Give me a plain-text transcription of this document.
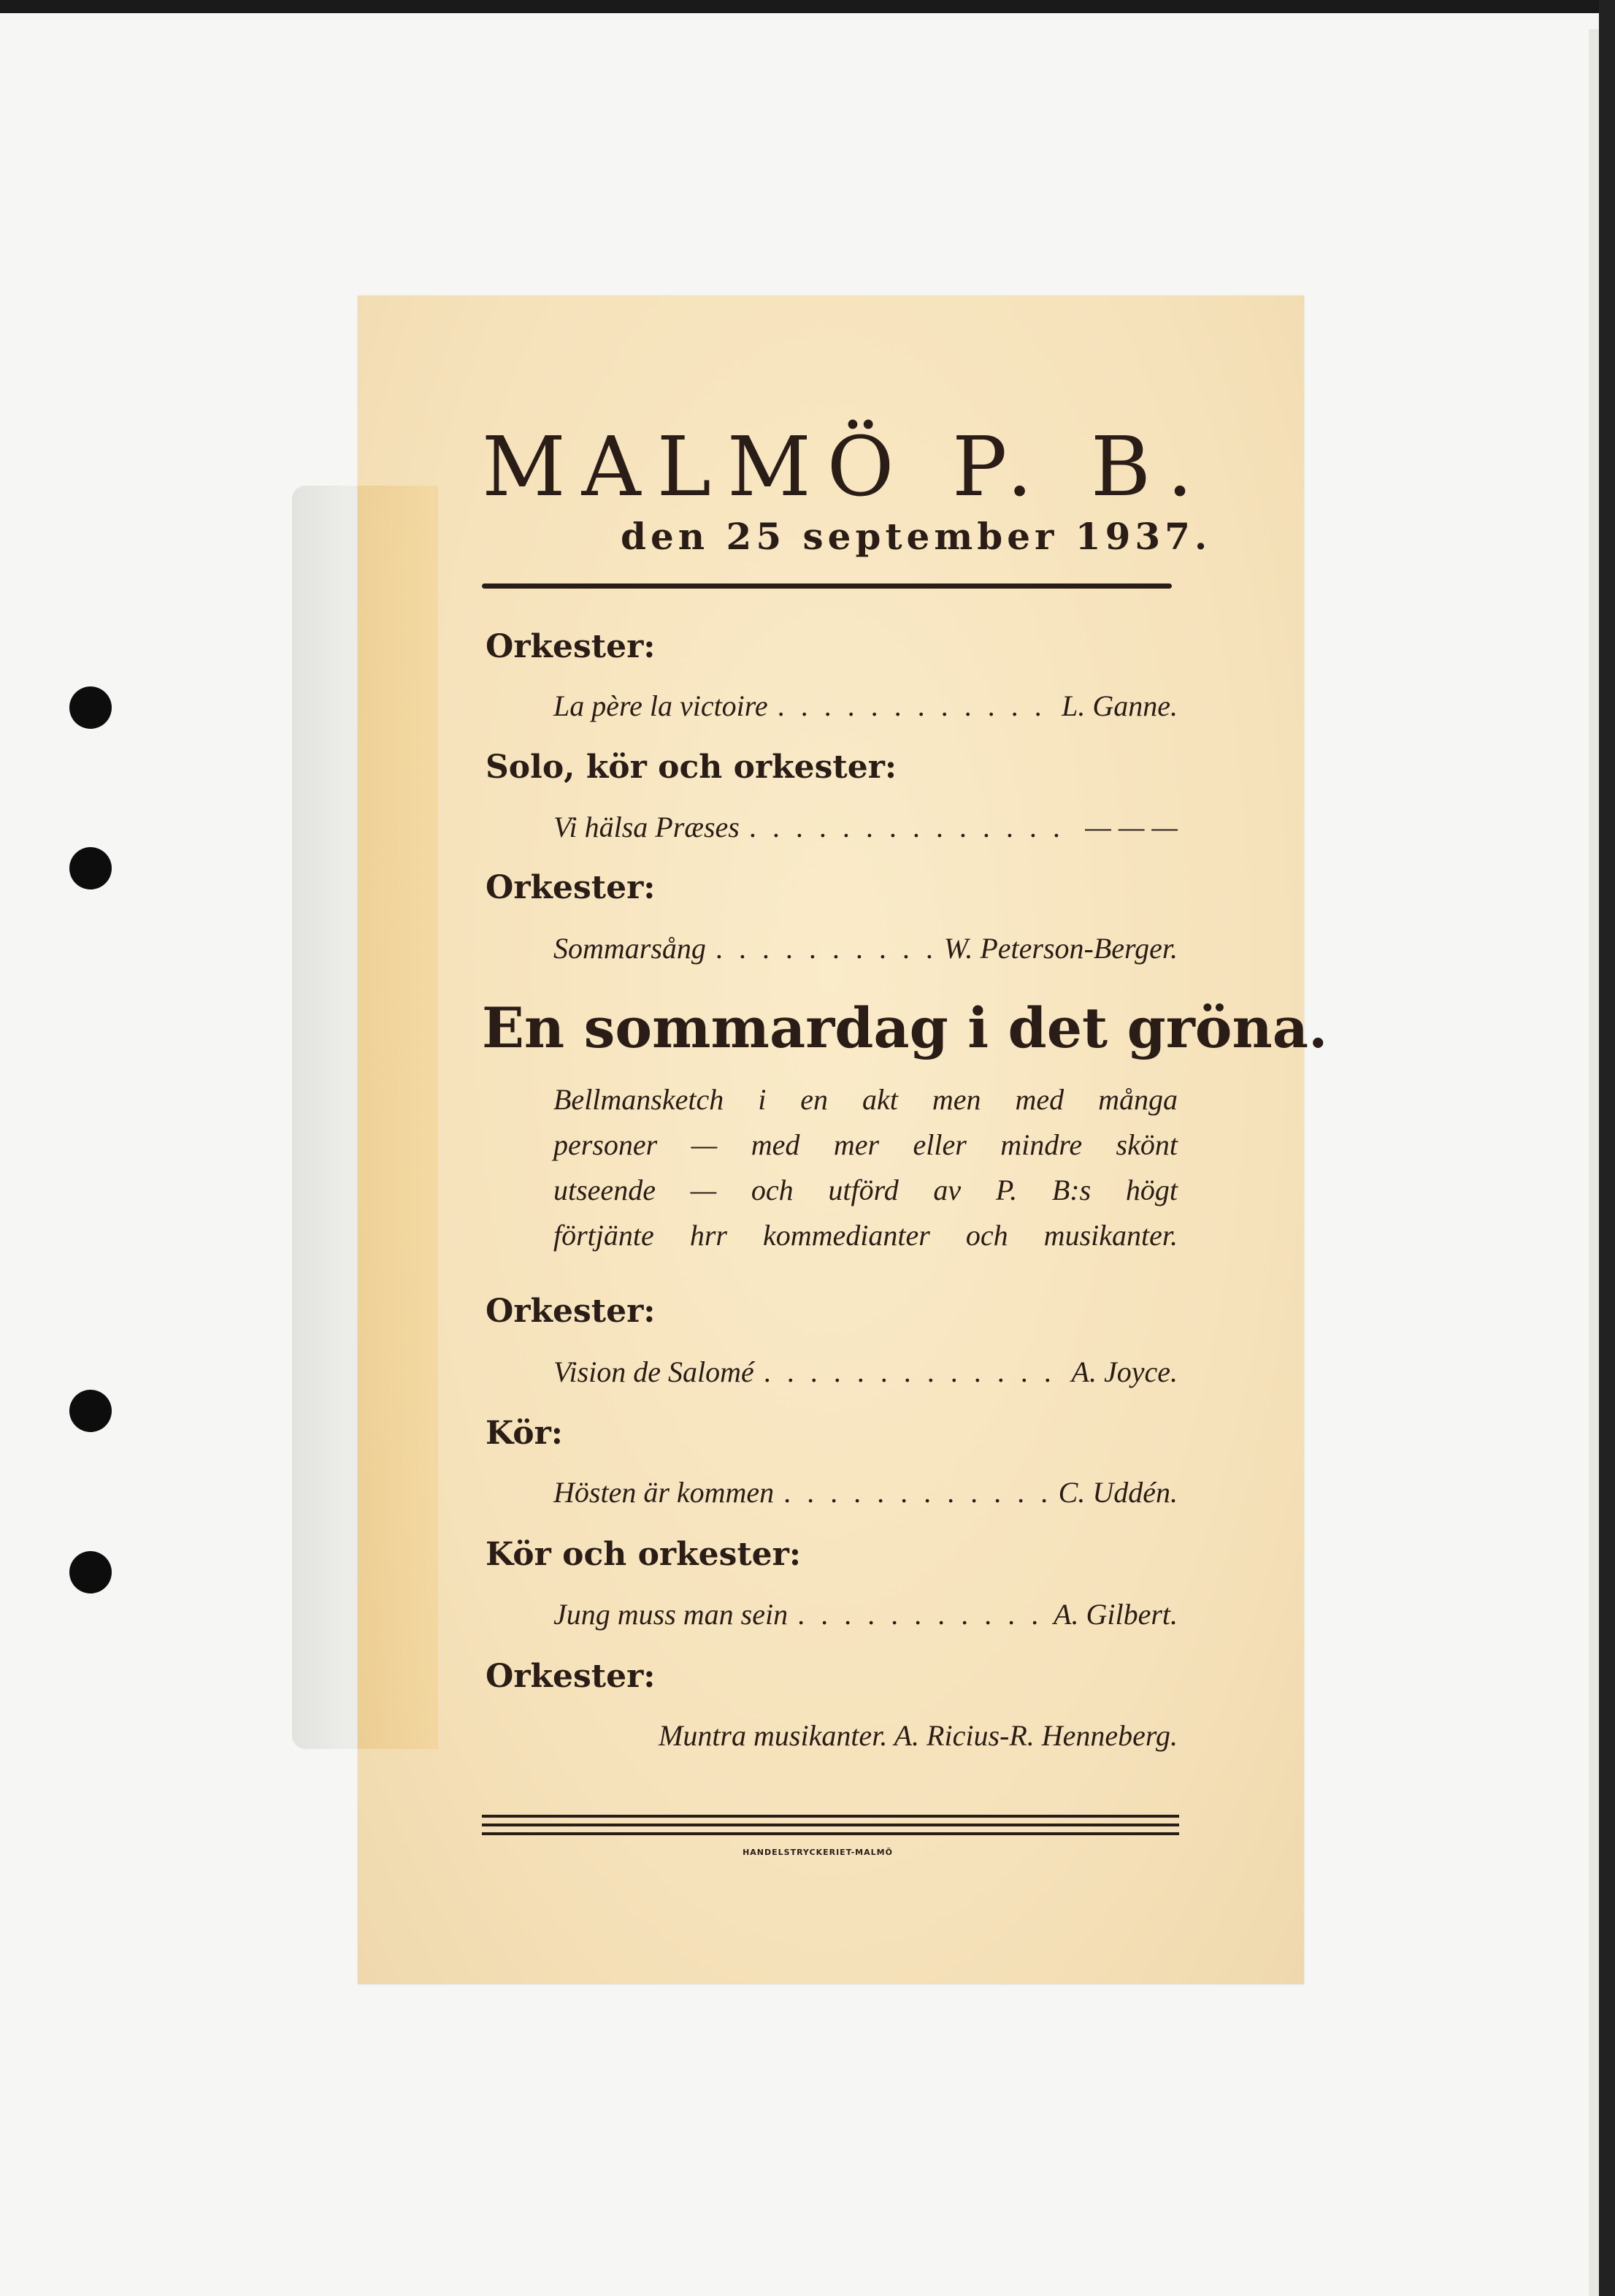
MALMÖ P. B.
den 25 september 1937.
Orkester:
La père la victoire . . .	L. Ganne.
Solo, kör och orkester:
Vi hälsa Præses . . .	— — —
Orkester:
Sommarsång . . .	W. Peterson-Berger.
En sommardag i det gröna.
Bellmansketch i en akt men med många
personer — med mer eller mindre skönt
utseende — och utförd av P. B:s högt
förtjänte hrr kommedianter och musikanter.
Orkester:
Vision de Salomé . . .	A. Joyce.
Kör:
Hösten är kommen . . .	C. Uddén.
Kör och orkester:
Jung muss man sein . . .	A. Gilbert.
Orkester:
Muntra musikanter. A. Ricius-R. Henneberg.
HANDELSTRYCKERIET-MALMÖ
